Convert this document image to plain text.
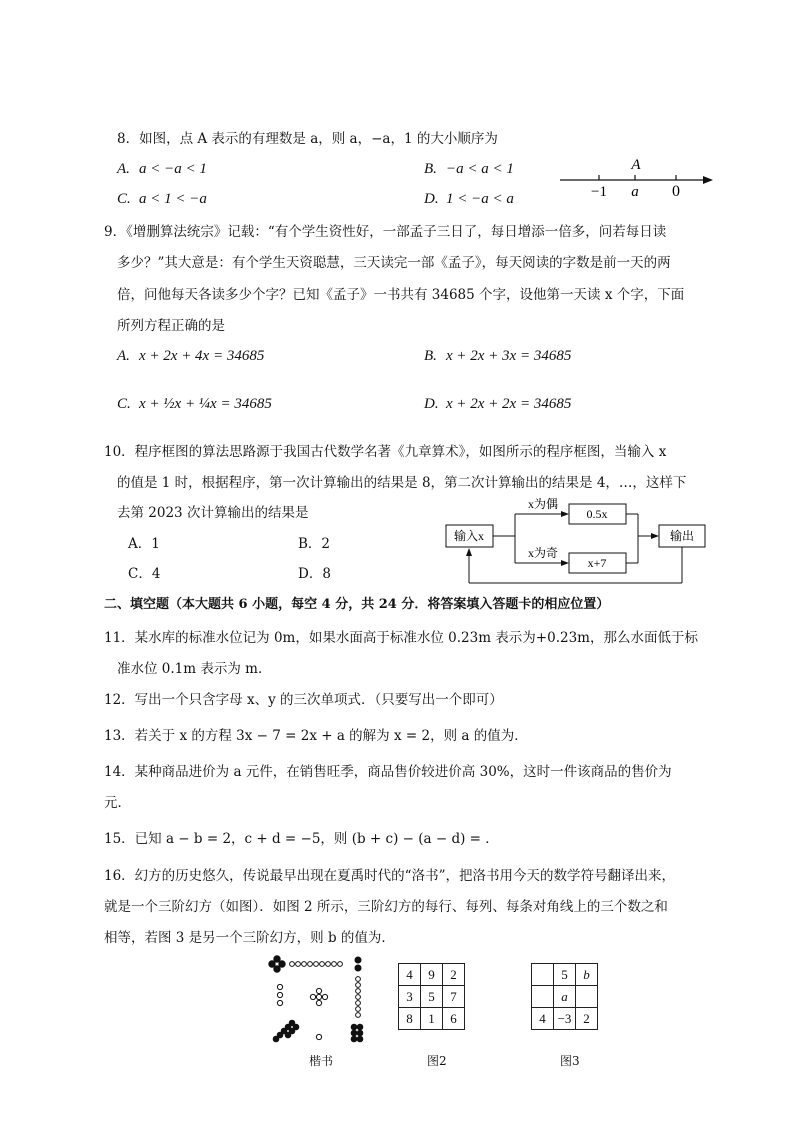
8．如图，点 A 表示的有理数是 a，则 a，−a，1 的大小顺序为
A. a < −a < 1	B. −a < a < 1
C. a < 1 < −a	D. 1 < −a < a
A
−1 a 0
9．《增删算法统宗》记载：“有个学生资性好，一部孟子三日了，每日增添一倍多，问若每日读
多少？”其大意是：有个学生天资聪慧，三天读完一部《孟子》，每天阅读的字数是前一天的两
倍，问他每天各读多少个字？已知《孟子》一书共有 34685 个字，设他第一天读 x 个字，下面
所列方程正确的是
A. x + 2x + 4x = 34685	B. x + 2x + 3x = 34685
C. x + ½x + ¼x = 34685	D. x + 2x + 2x = 34685
10．程序框图的算法思路源于我国古代数学名著《九章算术》，如图所示的程序框图，当输入 x
的值是 1 时，根据程序，第一次计算输出的结果是 8，第二次计算输出的结果是 4，…，这样下
去第 2023 次计算输出的结果是
A．1	B．2
C．4	D．8
输入x
x为偶
x为奇
0.5x
x+7
输出
二、填空题（本大题共 6 小题，每空 4 分，共 24 分．将答案填入答题卡的相应位置）
11．某水库的标准水位记为 0m，如果水面高于标准水位 0.23m 表示为+0.23m，那么水面低于标
准水位 0.1m 表示为 m．
12．写出一个只含字母 x、y 的三次单项式．（只要写出一个即可）
13．若关于 x 的方程 3x − 7 = 2x + a 的解为 x = 2，则 a 的值为．
14．某种商品进价为 a 元件，在销售旺季，商品售价较进价高 30%，这时一件该商品的售价为
元．
15．已知 a − b = 2，c + d = −5，则 (b + c) − (a − d) = ．
16．幻方的历史悠久，传说最早出现在夏禹时代的“洛书”，把洛书用今天的数学符号翻译出来，
就是一个三阶幻方（如图）．如图 2 所示，三阶幻方的每行、每列、每条对角线上的三个数之和
相等，若图 3 是另一个三阶幻方，则 b 的值为．
楷书
4	9	2
3	5	7
8	1	6
图2
	5	b
	a	
4	−3	2
图3
